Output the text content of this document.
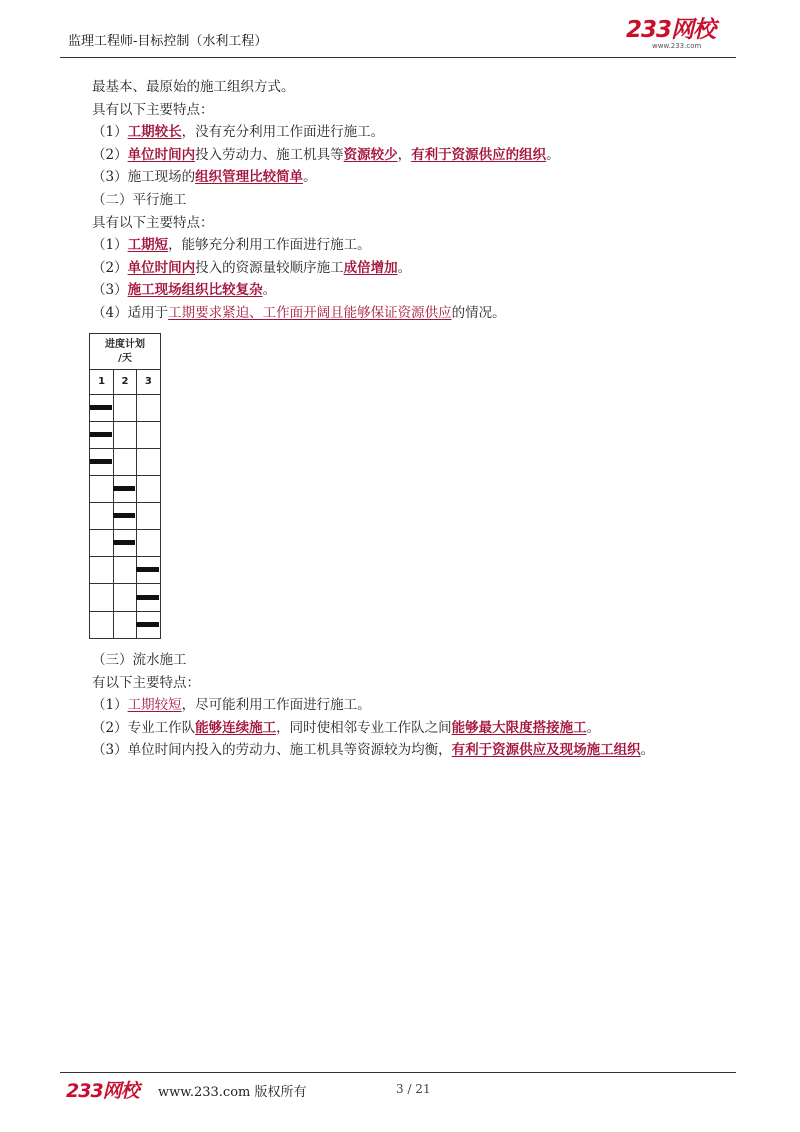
监理工程师-目标控制（水利工程）	233网校
www.233.com
最基本、最原始的施工组织方式。
具有以下主要特点：
（1）工期较长，没有充分利用工作面进行施工。
（2）单位时间内投入劳动力、施工机具等资源较少，有利于资源供应的组织。
（3）施工现场的组织管理比较简单。
（二）平行施工
具有以下主要特点：
（1）工期短，能够充分利用工作面进行施工。
（2）单位时间内投入的资源量较顺序施工成倍增加。
（3）施工现场组织比较复杂。
（4）适用于工期要求紧迫、工作面开阔且能够保证资源供应的情况。
进度计划
/天
1	2	3
（三）流水施工
有以下主要特点：
（1）工期较短，尽可能利用工作面进行施工。
（2）专业工作队能够连续施工，同时使相邻专业工作队之间能够最大限度搭接施工。
（3）单位时间内投入的劳动力、施工机具等资源较为均衡，有利于资源供应及现场施工组织。
233网校 www.233.com 版权所有	3 / 21
